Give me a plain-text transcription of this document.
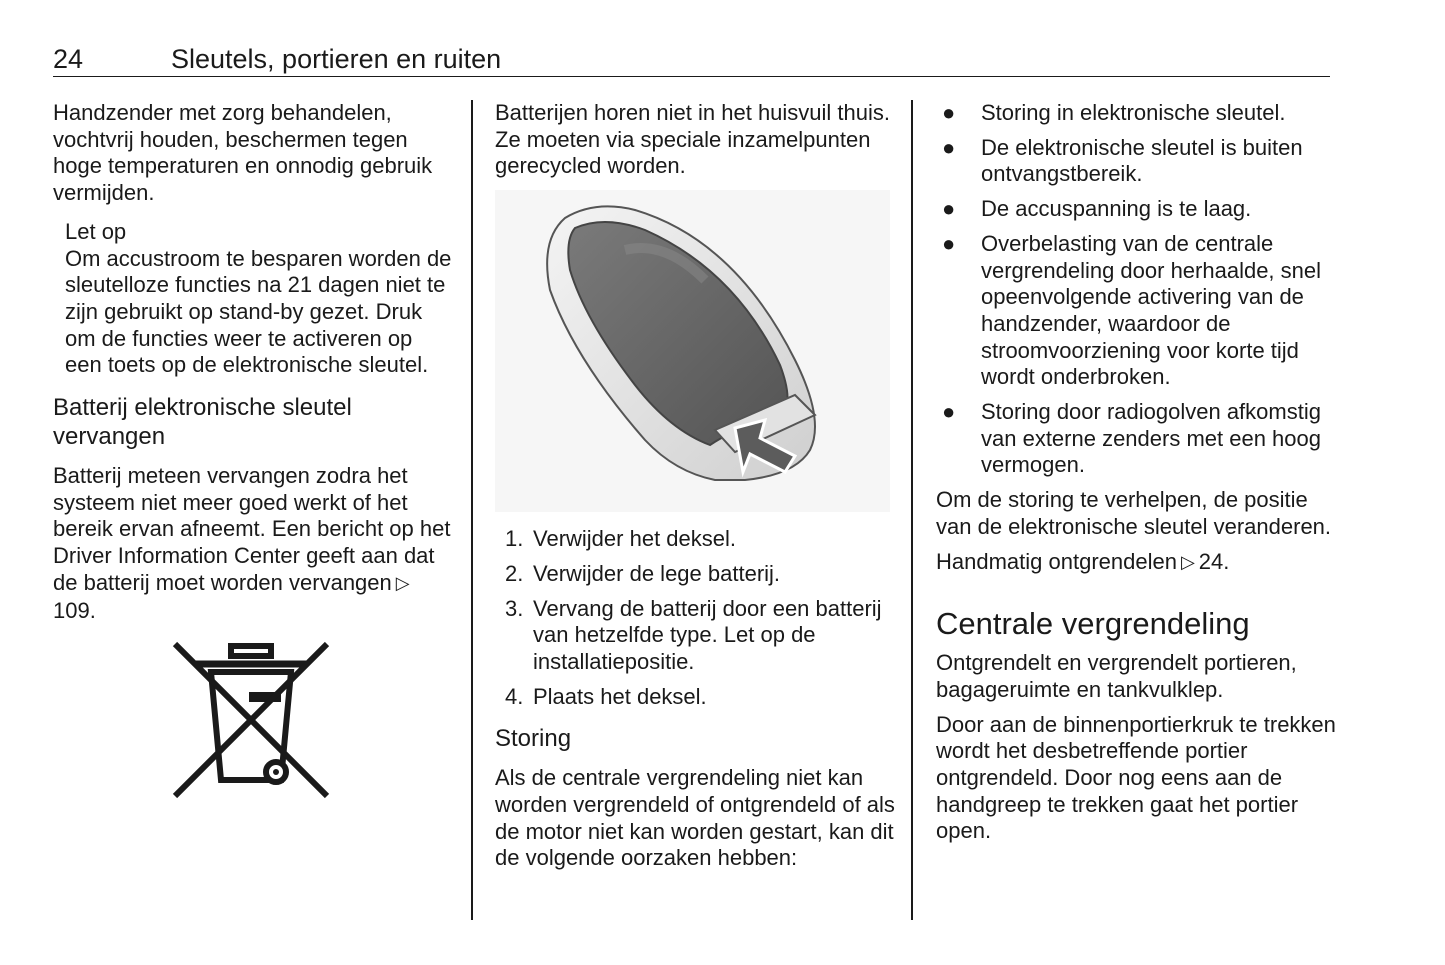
24	Sleutels, portieren en ruiten

Handzender met zorg behandelen, vochtvrij houden, beschermen tegen hoge temperaturen en onnodig gebruik vermijden.

Let op
Om accustroom te besparen worden de sleutelloze functies na 21 dagen niet te zijn gebruikt op stand-by gezet. Druk om de functies weer te activeren op een toets op de elektronische sleutel.
Batterij elektronische sleutel vervangen

Batterij meteen vervangen zodra het systeem niet meer goed werkt of het bereik ervan afneemt. Een bericht op het Driver Information Center geeft aan dat de batterij moet worden vervangen ▷109.

Batterijen horen niet in het huisvuil thuis. Ze moeten via speciale inzamelpunten gerecycled worden.

1. Verwijder het deksel.
2. Verwijder de lege batterij.
3. Vervang de batterij door een batterij van hetzelfde type. Let op de installatiepositie.
4. Plaats het deksel.
Storing

Als de centrale vergrendeling niet kan worden vergrendeld of ontgrendeld of als de motor niet kan worden gestart, kan dit de volgende oorzaken hebben:

● Storing in elektronische sleutel.
● De elektronische sleutel is buiten ontvangstbereik.
● De accuspanning is te laag.
● Overbelasting van de centrale vergrendeling door herhaalde, snel opeenvolgende activering van de handzender, waardoor de stroomvoorziening voor korte tijd wordt onderbroken.
● Storing door radiogolven afkomstig van externe zenders met een hoog vermogen.

Om de storing te verhelpen, de positie van de elektronische sleutel veranderen.

Handmatig ontgrendelen ▷ 24.

Centrale vergrendeling

Ontgrendelt en vergrendelt portieren, bagageruimte en tankvulklep.

Door aan de binnenportierkruk te trekken wordt het desbetreffende portier ontgrendeld. Door nog eens aan de handgreep te trekken gaat het portier open.
